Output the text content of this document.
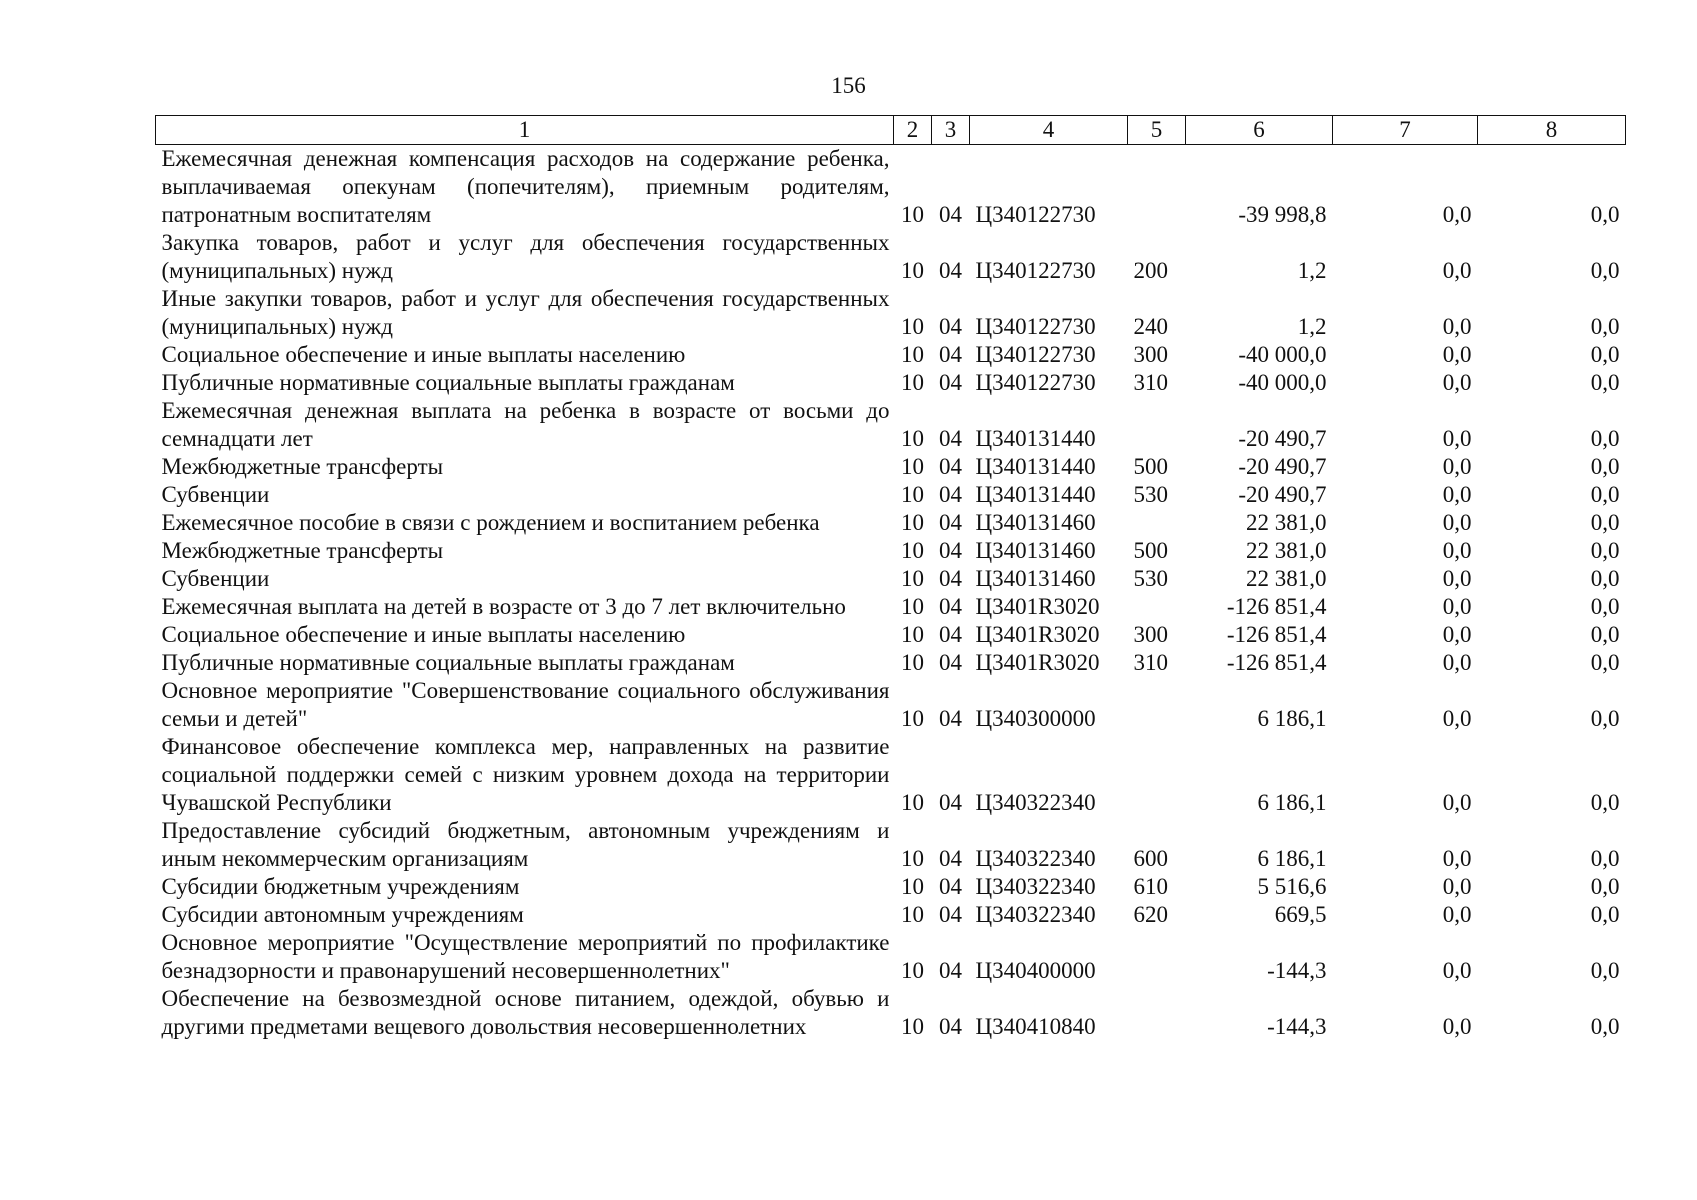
156
1	2	3	4	5	6	7	8
Ежемесячная денежная компенсация расходов на содержание ребенка, выплачиваемая опекунам (попечителям), приемным родителям, патронатным воспитателям	10	04	Ц340122730		-39 998,8	0,0	0,0
Закупка товаров, работ и услуг для обеспечения государственных (муниципальных) нужд	10	04	Ц340122730	200	1,2	0,0	0,0
Иные закупки товаров, работ и услуг для обеспечения государственных (муниципальных) нужд	10	04	Ц340122730	240	1,2	0,0	0,0
Социальное обеспечение и иные выплаты населению	10	04	Ц340122730	300	-40 000,0	0,0	0,0
Публичные нормативные социальные выплаты гражданам	10	04	Ц340122730	310	-40 000,0	0,0	0,0
Ежемесячная денежная выплата на ребенка в возрасте от восьми до семнадцати лет	10	04	Ц340131440		-20 490,7	0,0	0,0
Межбюджетные трансферты	10	04	Ц340131440	500	-20 490,7	0,0	0,0
Субвенции	10	04	Ц340131440	530	-20 490,7	0,0	0,0
Ежемесячное пособие в связи с рождением и воспитанием ребенка	10	04	Ц340131460		22 381,0	0,0	0,0
Межбюджетные трансферты	10	04	Ц340131460	500	22 381,0	0,0	0,0
Субвенции	10	04	Ц340131460	530	22 381,0	0,0	0,0
Ежемесячная выплата на детей в возрасте от 3 до 7 лет включительно	10	04	Ц3401R3020		-126 851,4	0,0	0,0
Социальное обеспечение и иные выплаты населению	10	04	Ц3401R3020	300	-126 851,4	0,0	0,0
Публичные нормативные социальные выплаты гражданам	10	04	Ц3401R3020	310	-126 851,4	0,0	0,0
Основное мероприятие "Совершенствование социального обслуживания семьи и детей"	10	04	Ц340300000		6 186,1	0,0	0,0
Финансовое обеспечение комплекса мер, направленных на развитие социальной поддержки семей с низким уровнем дохода на территории Чувашской Республики	10	04	Ц340322340		6 186,1	0,0	0,0
Предоставление субсидий бюджетным, автономным учреждениям и иным некоммерческим организациям	10	04	Ц340322340	600	6 186,1	0,0	0,0
Субсидии бюджетным учреждениям	10	04	Ц340322340	610	5 516,6	0,0	0,0
Субсидии автономным учреждениям	10	04	Ц340322340	620	669,5	0,0	0,0
Основное мероприятие "Осуществление мероприятий по профилактике безнадзорности и правонарушений несовершеннолетних"	10	04	Ц340400000		-144,3	0,0	0,0
Обеспечение на безвозмездной основе питанием, одеждой, обувью и другими предметами вещевого довольствия несовершеннолетних	10	04	Ц340410840		-144,3	0,0	0,0
